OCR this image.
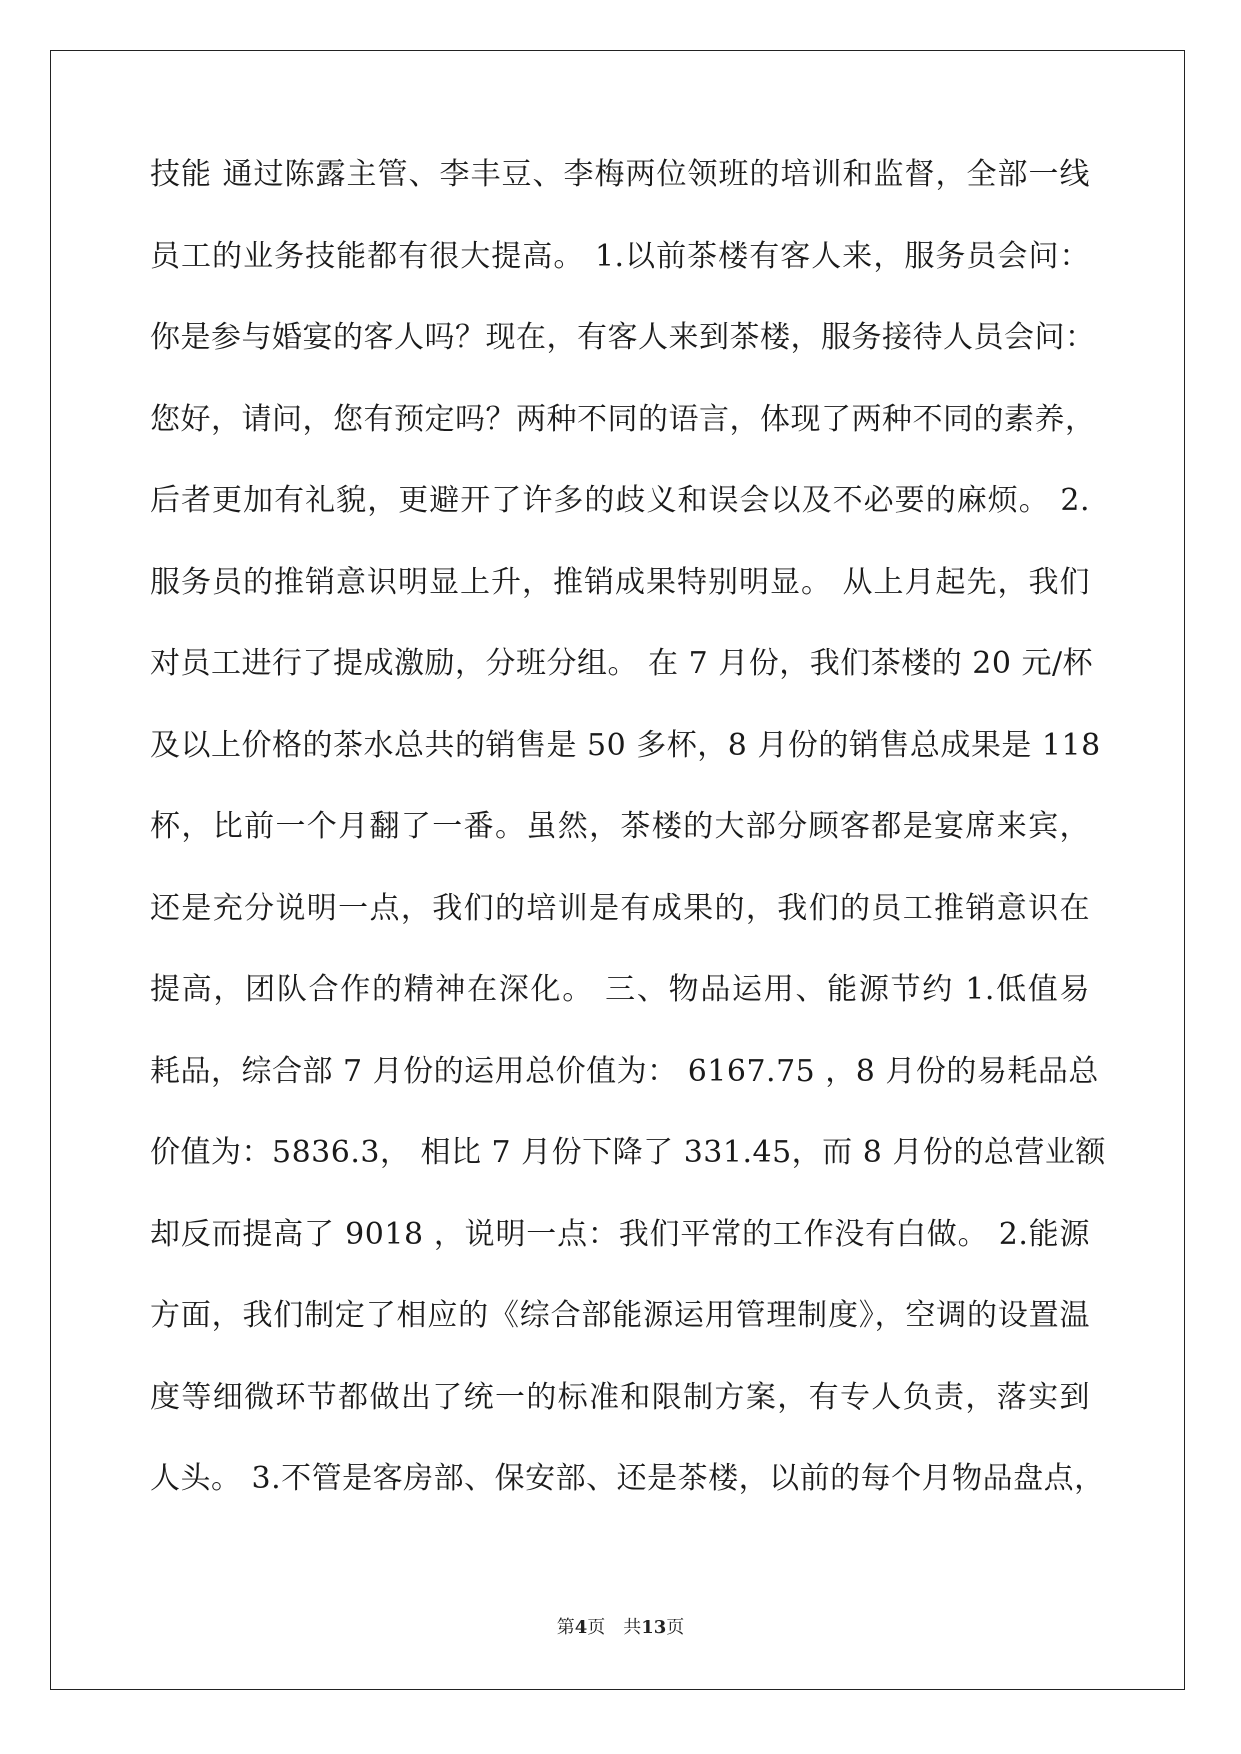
技能 通过陈露主管、李丰豆、李梅两位领班的培训和监督，全部一线
员工的业务技能都有很大提高。 1.以前茶楼有客人来，服务员会问：
你是参与婚宴的客人吗？现在，有客人来到茶楼，服务接待人员会问：
您好，请问，您有预定吗？两种不同的语言，体现了两种不同的素养，
后者更加有礼貌，更避开了许多的歧义和误会以及不必要的麻烦。 2.
服务员的推销意识明显上升，推销成果特别明显。 从上月起先，我们
对员工进行了提成激励，分班分组。 在 7 月份，我们茶楼的 20 元/杯
及以上价格的茶水总共的销售是 50 多杯，8 月份的销售总成果是 118
杯，比前一个月翻了一番。虽然，茶楼的大部分顾客都是宴席来宾，
还是充分说明一点，我们的培训是有成果的，我们的员工推销意识在
提高，团队合作的精神在深化。 三、物品运用、能源节约 1.低值易
耗品，综合部 7 月份的运用总价值为： 6167.75 ，8 月份的易耗品总
价值为：5836.3， 相比 7 月份下降了 331.45，而 8 月份的总营业额
却反而提高了 9018 ，说明一点：我们平常的工作没有白做。 2.能源
方面，我们制定了相应的《综合部能源运用管理制度》，空调的设置温
度等细微环节都做出了统一的标准和限制方案，有专人负责，落实到
人头。 3.不管是客房部、保安部、还是茶楼，以前的每个月物品盘点，
第4页　共13页
